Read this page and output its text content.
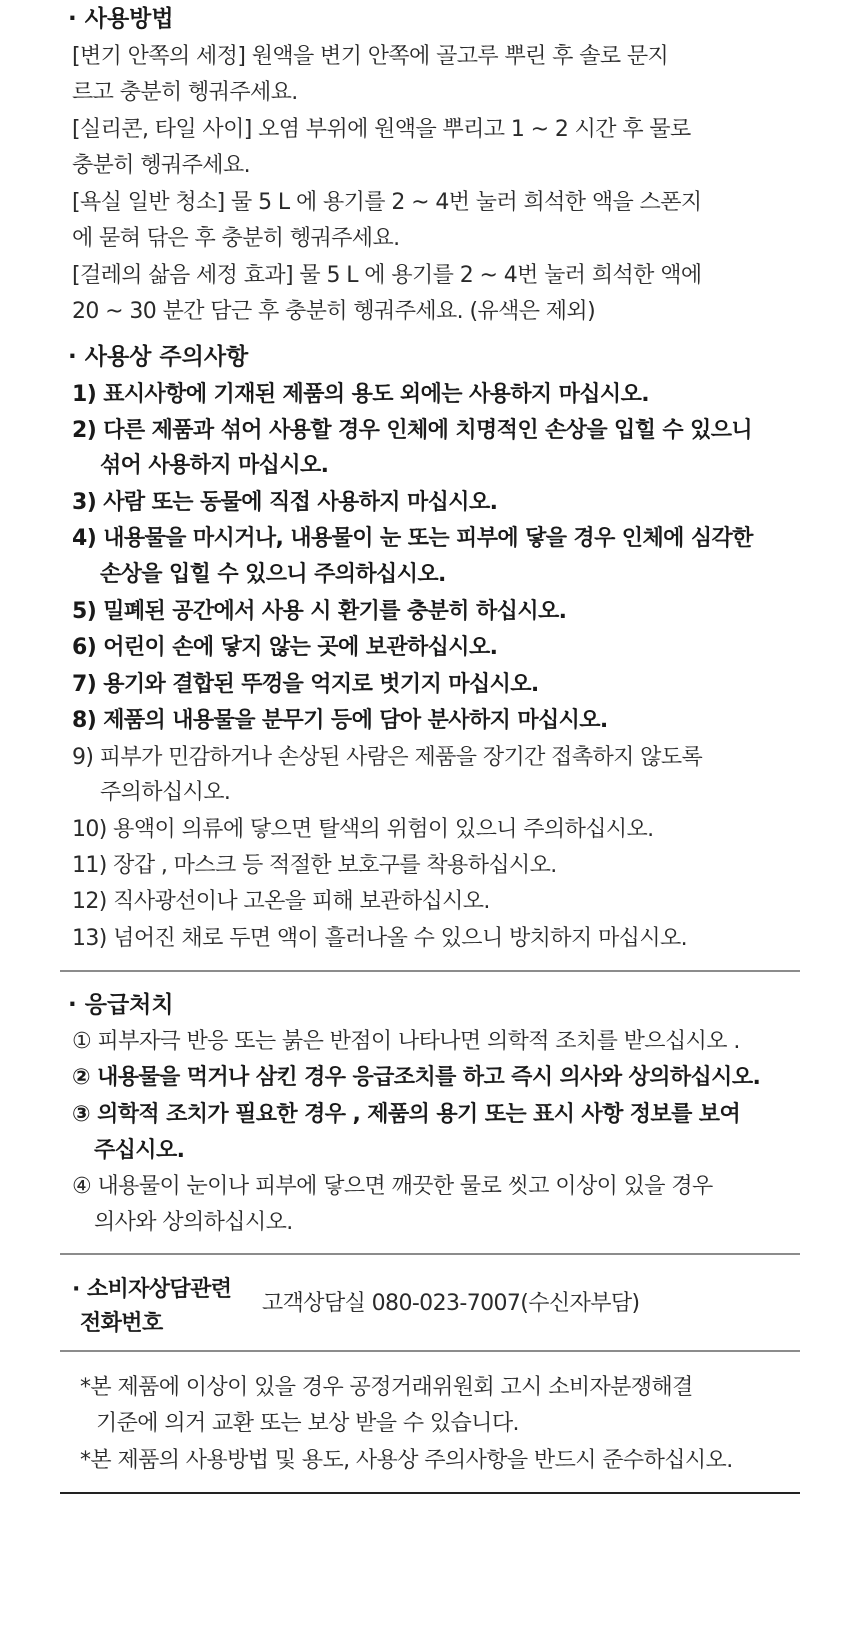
· 사용방법
[변기 안쪽의 세정] 원액을 변기 안쪽에 골고루 뿌린 후 솔로 문지
르고 충분히 헹궈주세요.
[실리콘, 타일 사이] 오염 부위에 원액을 뿌리고 1 ~ 2 시간 후 물로
충분히 헹궈주세요.
[욕실 일반 청소] 물 5 L 에 용기를 2 ~ 4번 눌러 희석한 액을 스폰지
에 묻혀 닦은 후 충분히 헹궈주세요.
[걸레의 삶음 세정 효과] 물 5 L 에 용기를 2 ~ 4번 눌러 희석한 액에
20 ~ 30 분간 담근 후 충분히 헹궈주세요. (유색은 제외)
· 사용상 주의사항
1) 표시사항에 기재된 제품의 용도 외에는 사용하지 마십시오.
2) 다른 제품과 섞어 사용할 경우 인체에 치명적인 손상을 입힐 수 있으니
섞어 사용하지 마십시오.
3) 사람 또는 동물에 직접 사용하지 마십시오.
4) 내용물을 마시거나, 내용물이 눈 또는 피부에 닿을 경우 인체에 심각한
손상을 입힐 수 있으니 주의하십시오.
5) 밀폐된 공간에서 사용 시 환기를 충분히 하십시오.
6) 어린이 손에 닿지 않는 곳에 보관하십시오.
7) 용기와 결합된 뚜껑을 억지로 벗기지 마십시오.
8) 제품의 내용물을 분무기 등에 담아 분사하지 마십시오.
9) 피부가 민감하거나 손상된 사람은 제품을 장기간 접촉하지 않도록
주의하십시오.
10) 용액이 의류에 닿으면 탈색의 위험이 있으니 주의하십시오.
11) 장갑 , 마스크 등 적절한 보호구를 착용하십시오.
12) 직사광선이나 고온을 피해 보관하십시오.
13) 넘어진 채로 두면 액이 흘러나올 수 있으니 방치하지 마십시오.
· 응급처치
① 피부자극 반응 또는 붉은 반점이 나타나면 의학적 조치를 받으십시오 .
② 내용물을 먹거나 삼킨 경우 응급조치를 하고 즉시 의사와 상의하십시오.
③ 의학적 조치가 필요한 경우 , 제품의 용기 또는 표시 사항 정보를 보여
주십시오.
④ 내용물이 눈이나 피부에 닿으면 깨끗한 물로 씻고 이상이 있을 경우
의사와 상의하십시오.
· 소비자상담관련
전화번호
고객상담실 080-023-7007(수신자부담)
*본 제품에 이상이 있을 경우 공정거래위원회 고시 소비자분쟁해결
기준에 의거 교환 또는 보상 받을 수 있습니다.
*본 제품의 사용방법 및 용도, 사용상 주의사항을 반드시 준수하십시오.
